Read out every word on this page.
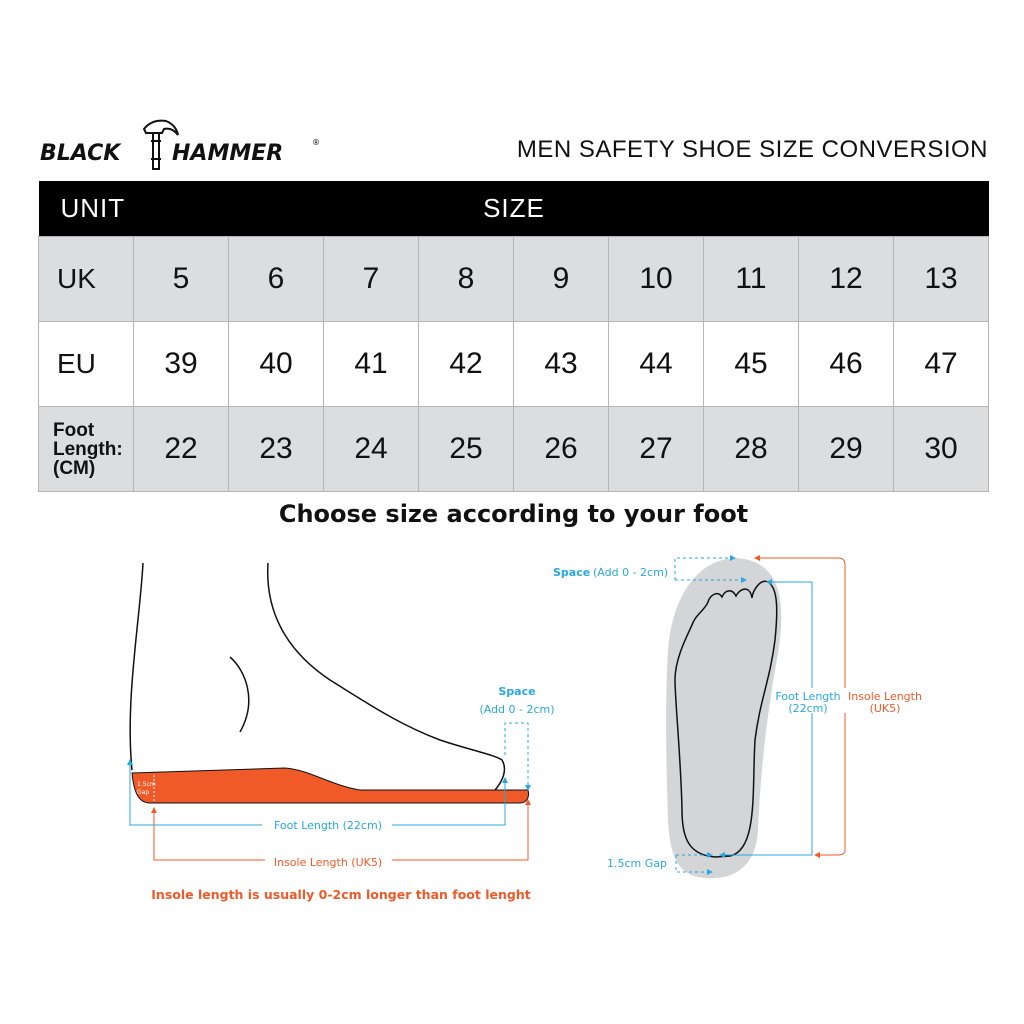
BLACK HAMMER	®	MEN SAFETY SHOE SIZE CONVERSION
UNIT	SIZE								
UK	5	6	7	8	9	10	11	12	13
EU	39	40	41	42	43	44	45	46	47

Foot
Length:
(CM)	22	23	24	25	26	27	28	29	30
Choose size according to your foot
1.5cm
Gap
Space
(Add 0 - 2cm)
Foot Length (22cm)
Insole Length (UK5)
Insole length is usually 0-2cm longer than foot lenght
Space (Add 0 - 2cm)
Foot Length
(22cm)
Insole Length
(UK5)
1.5cm Gap
